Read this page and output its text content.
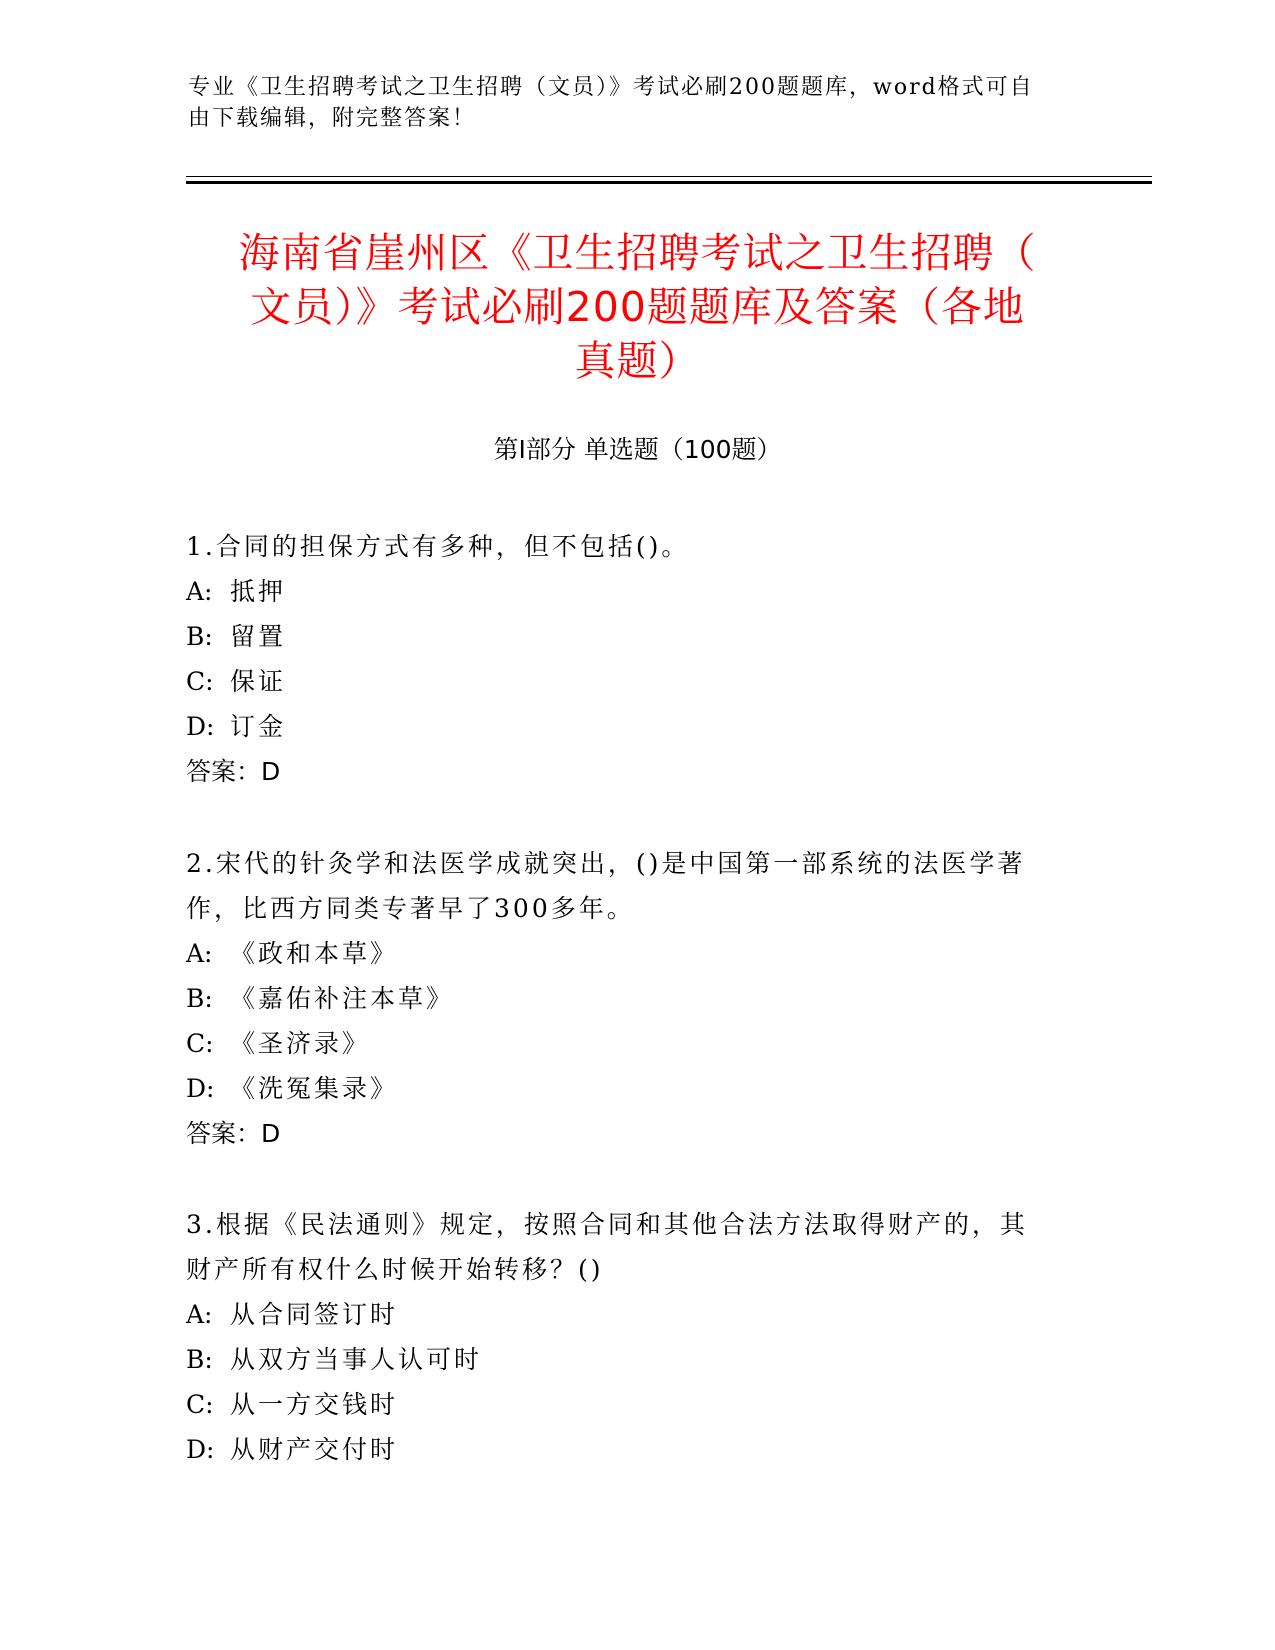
专业《卫生招聘考试之卫生招聘（文员）》考试必刷200题题库，word格式可自
由下载编辑，附完整答案！
海南省崖州区《卫生招聘考试之卫生招聘（
文员）》考试必刷200题题库及答案（各地
真题）
第Ⅰ部分 单选题（100题）
1.合同的担保方式有多种，但不包括()。
A: 抵押
B: 留置
C: 保证
D: 订金
答案：D
2.宋代的针灸学和法医学成就突出，()是中国第一部系统的法医学著
作，比西方同类专著早了300多年。
A: 《政和本草》
B: 《嘉佑补注本草》
C: 《圣济录》
D: 《洗冤集录》
答案：D
3.根据《民法通则》规定，按照合同和其他合法方法取得财产的，其
财产所有权什么时候开始转移？()
A: 从合同签订时
B: 从双方当事人认可时
C: 从一方交钱时
D: 从财产交付时
